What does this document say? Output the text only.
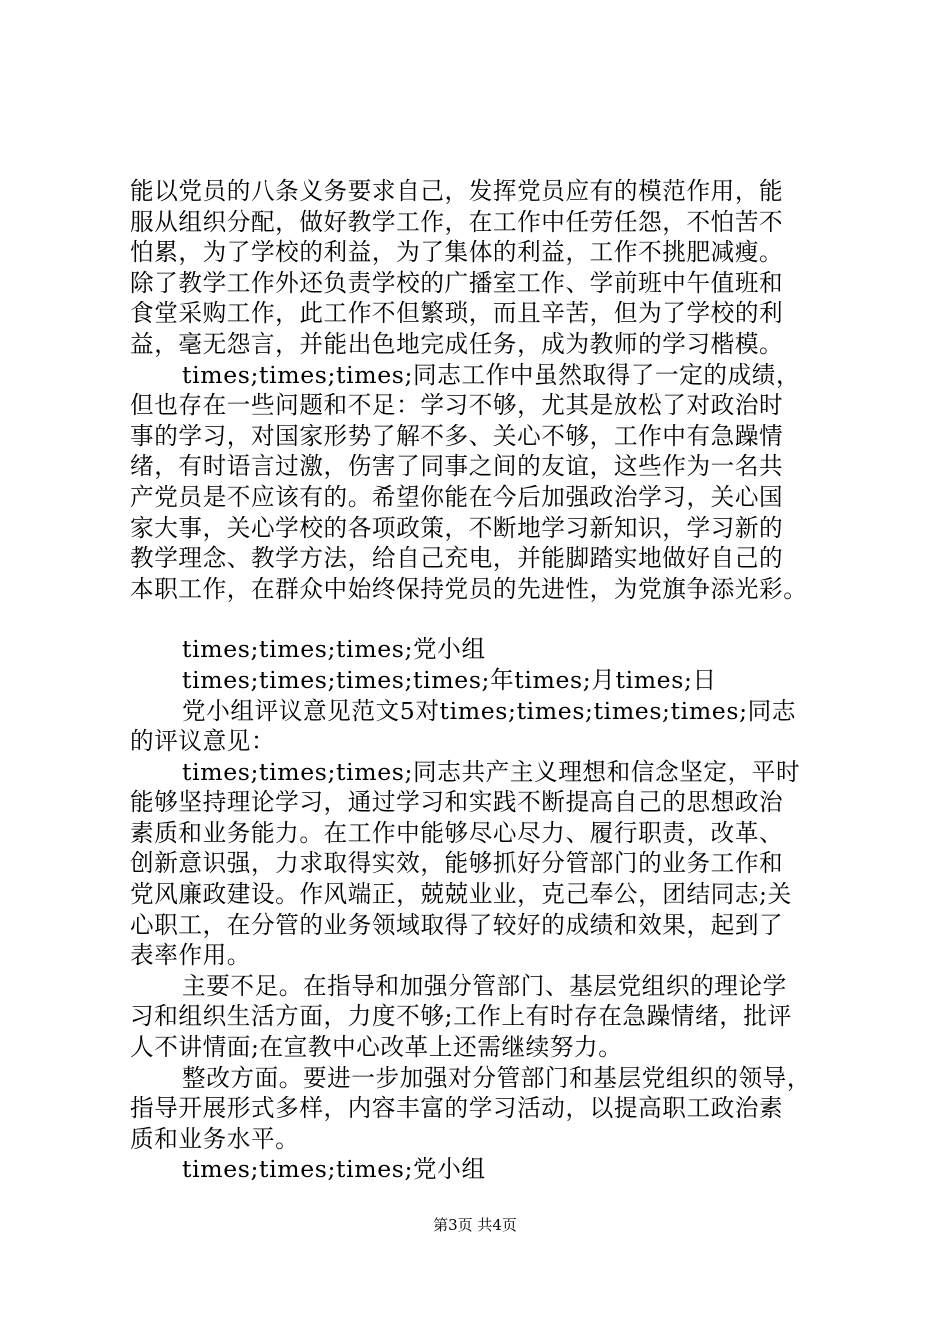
能以党员的八条义务要求自己，发挥党员应有的模范作用，能
服从组织分配，做好教学工作，在工作中任劳任怨，不怕苦不
怕累，为了学校的利益，为了集体的利益，工作不挑肥减瘦。
除了教学工作外还负责学校的广播室工作、学前班中午值班和
食堂采购工作，此工作不但繁琐，而且辛苦，但为了学校的利
益，毫无怨言，并能出色地完成任务，成为教师的学习楷模。
times;times;times;同志工作中虽然取得了一定的成绩，
但也存在一些问题和不足：学习不够，尤其是放松了对政治时
事的学习，对国家形势了解不多、关心不够，工作中有急躁情
绪，有时语言过激，伤害了同事之间的友谊，这些作为一名共
产党员是不应该有的。希望你能在今后加强政治学习，关心国
家大事，关心学校的各项政策，不断地学习新知识，学习新的
教学理念、教学方法，给自己充电，并能脚踏实地做好自己的
本职工作，在群众中始终保持党员的先进性，为党旗争添光彩。
times;times;times;党小组
times;times;times;times;年times;月times;日
党小组评议意见范文5对times;times;times;times;同志
的评议意见：
times;times;times;同志共产主义理想和信念坚定，平时
能够坚持理论学习，通过学习和实践不断提高自己的思想政治
素质和业务能力。在工作中能够尽心尽力、履行职责，改革、
创新意识强，力求取得实效，能够抓好分管部门的业务工作和
党风廉政建设。作风端正，兢兢业业，克己奉公，团结同志;关
心职工，在分管的业务领域取得了较好的成绩和效果，起到了
表率作用。
主要不足。在指导和加强分管部门、基层党组织的理论学
习和组织生活方面，力度不够;工作上有时存在急躁情绪，批评
人不讲情面;在宣教中心改革上还需继续努力。
整改方面。要进一步加强对分管部门和基层党组织的领导，
指导开展形式多样，内容丰富的学习活动，以提高职工政治素
质和业务水平。
times;times;times;党小组
第3页 共4页
